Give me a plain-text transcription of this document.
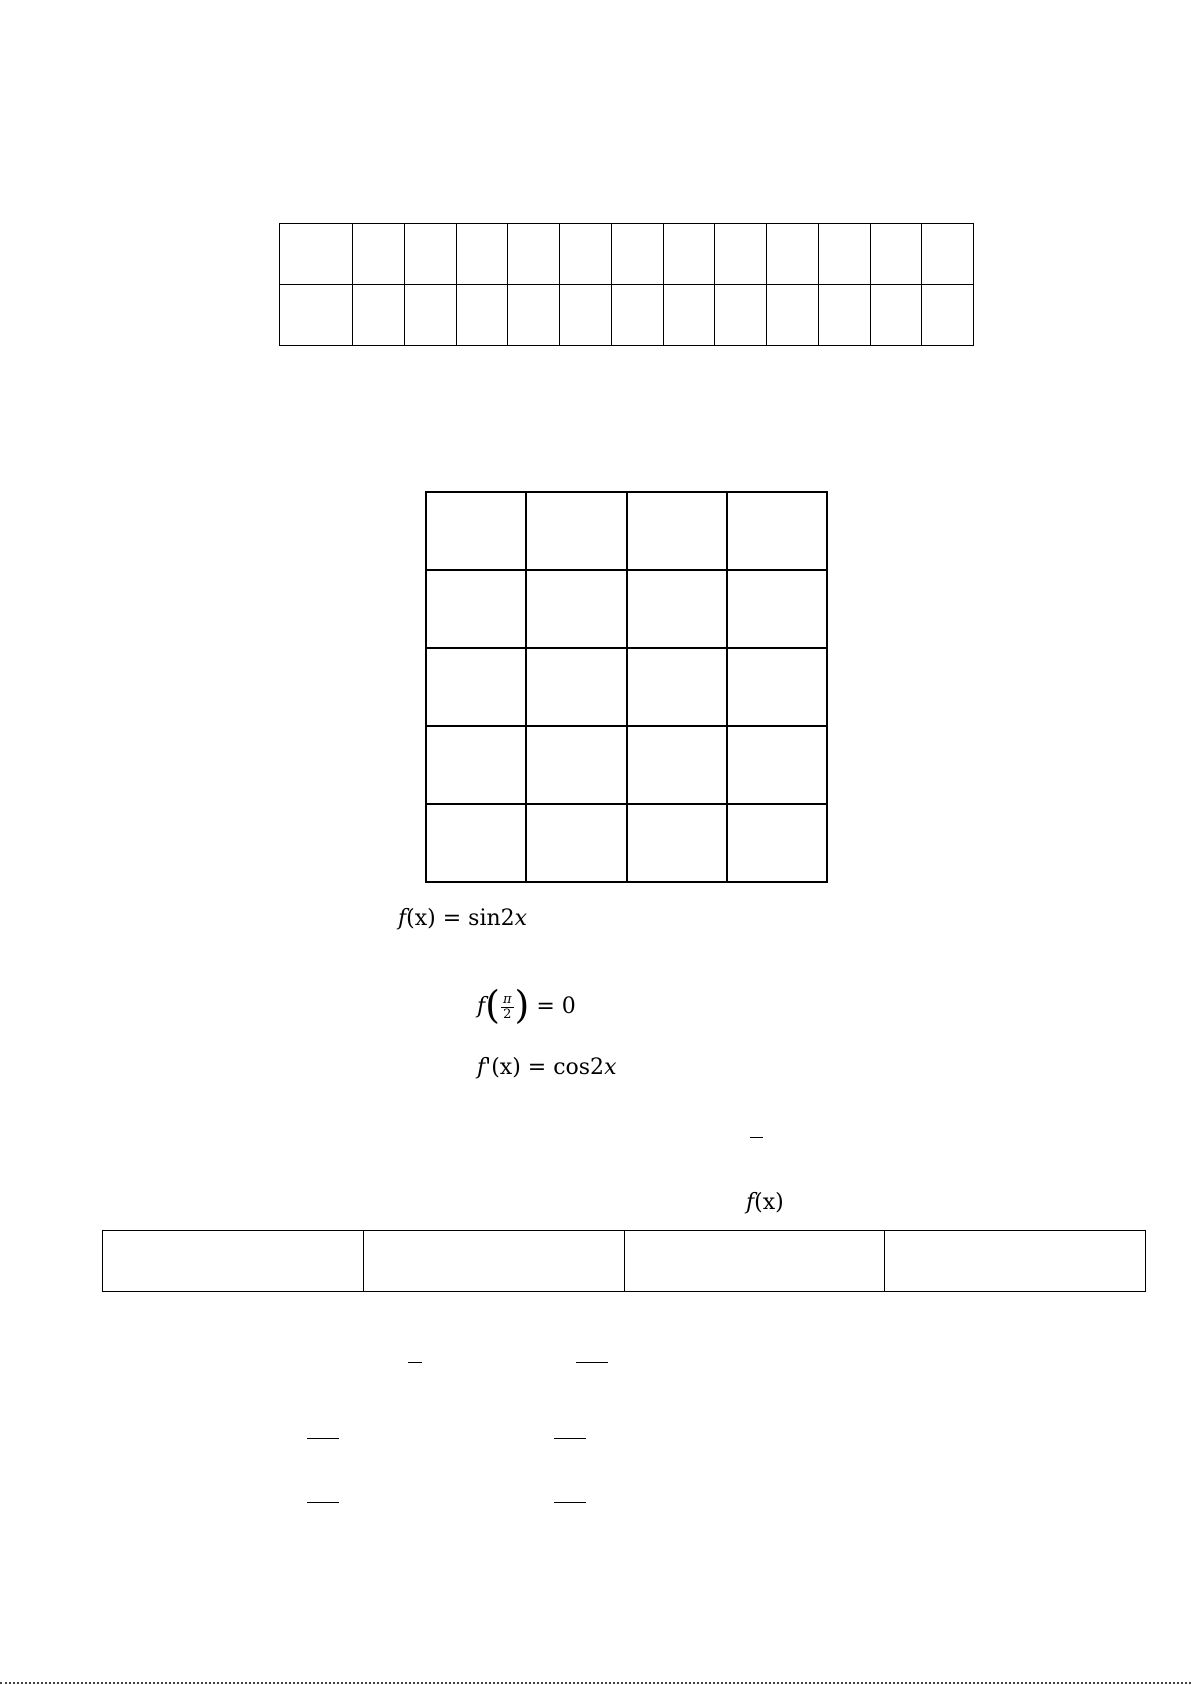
f(x) = sin2x
$f( \frac{\pi}{2}$ ) = 0
f'(x) = cos2x
f(x)
